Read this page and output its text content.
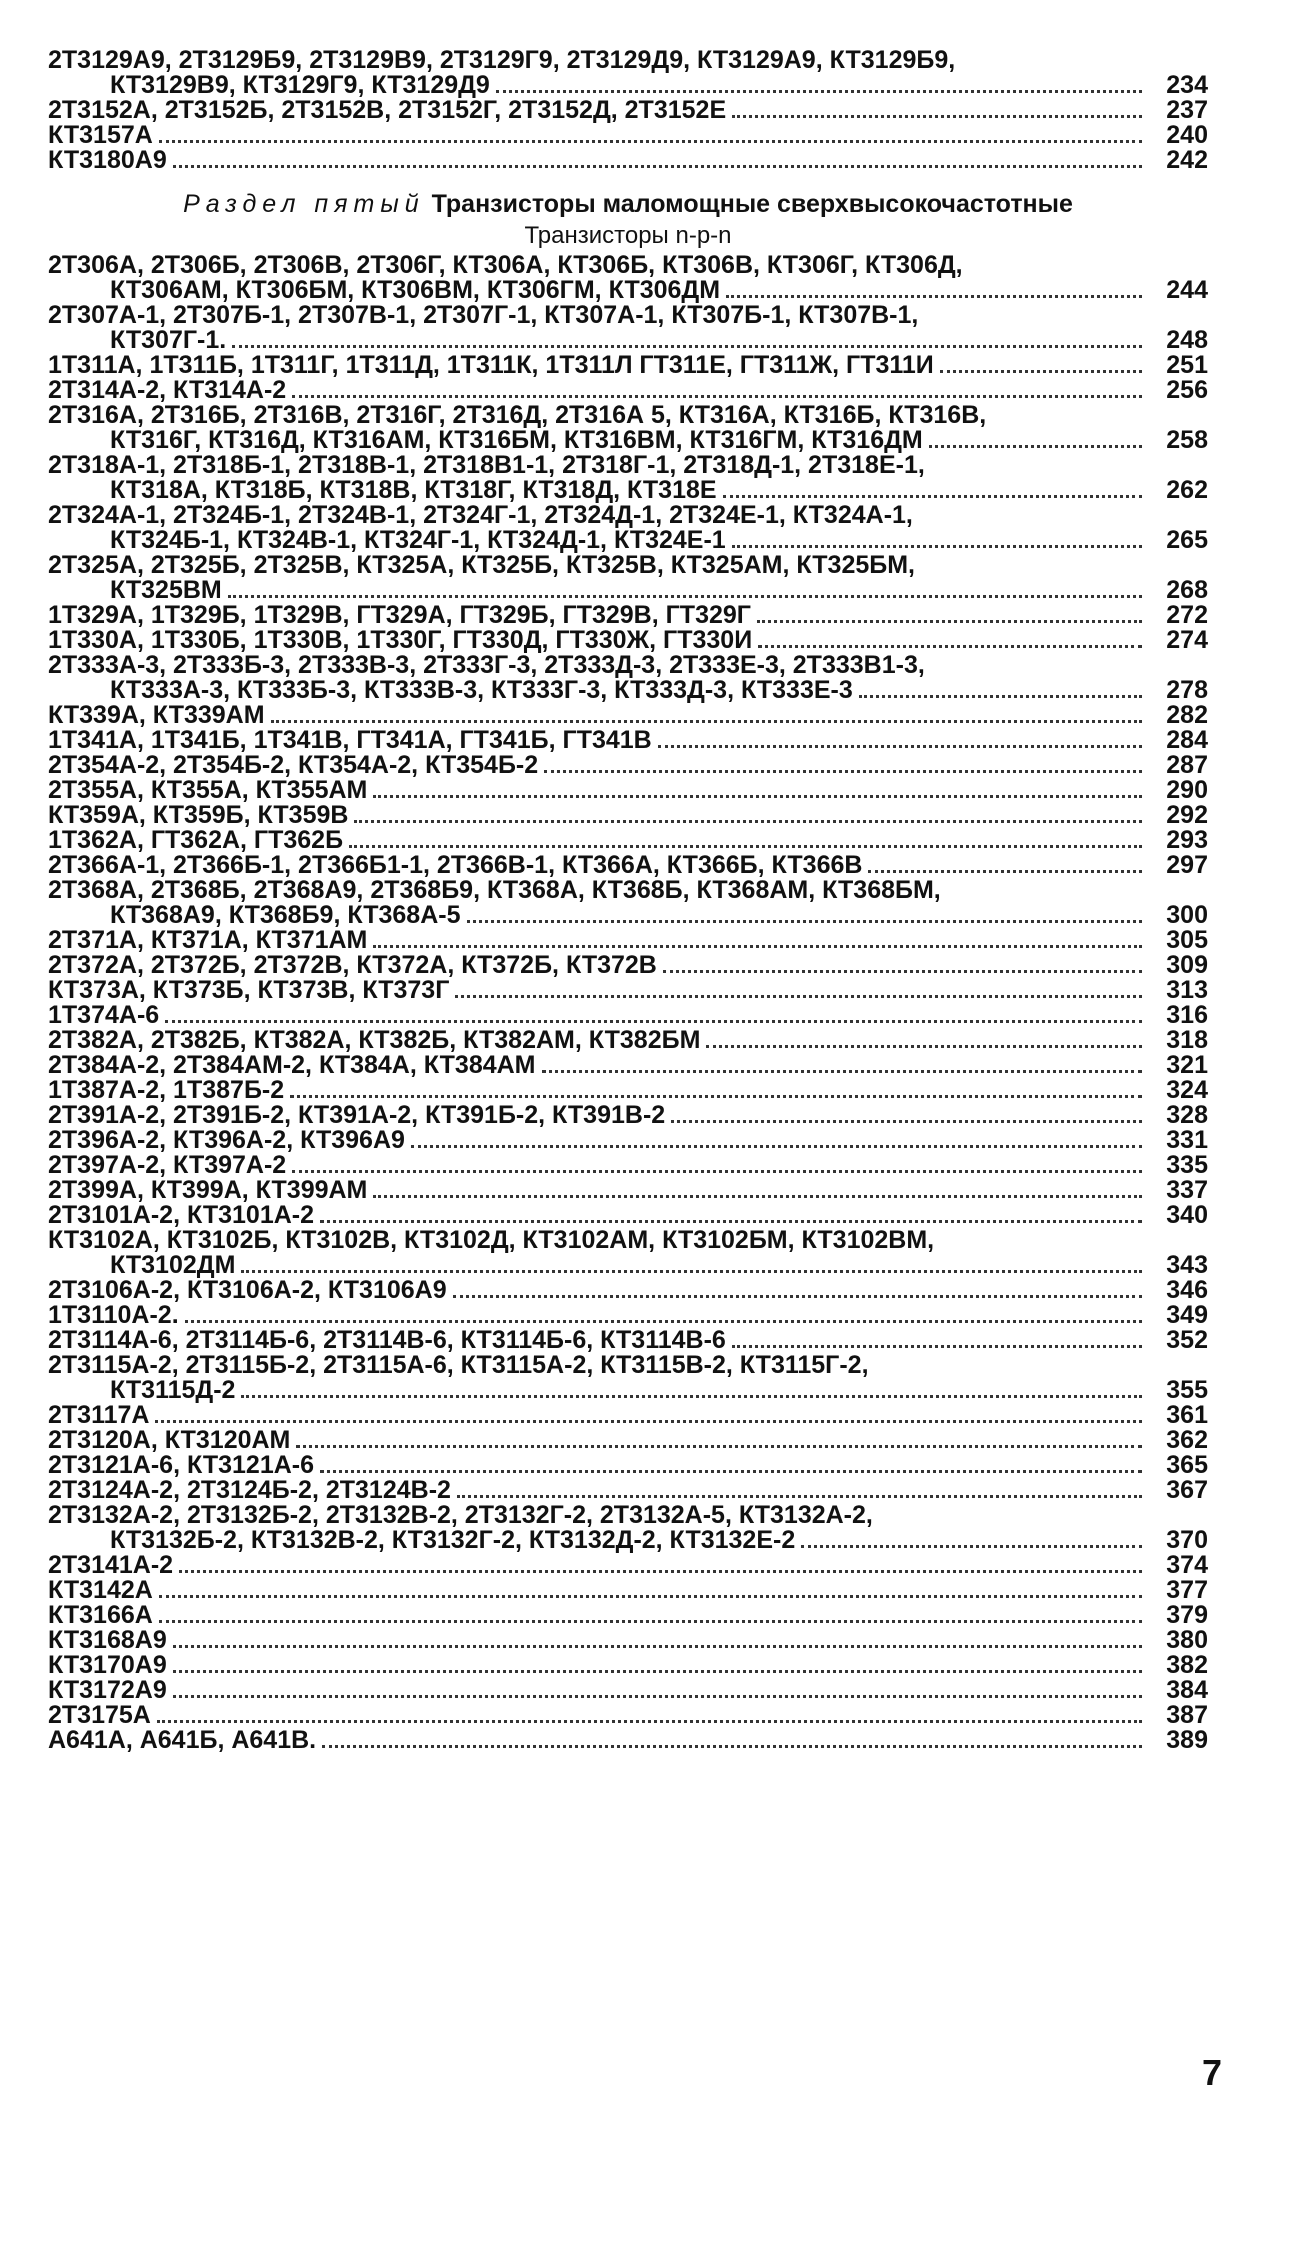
2Т3129А9, 2Т3129Б9, 2Т3129В9, 2Т3129Г9, 2Т3129Д9, КТ3129А9, КТ3129Б9,
КТ3129В9, КТ3129Г9, КТ3129Д9	234
2Т3152А, 2Т3152Б, 2Т3152В, 2Т3152Г, 2Т3152Д, 2Т3152Е	237
КТ3157А	240
КТ3180А9	242
Раздел пятый Транзисторы маломощные сверхвысокочастотные
Транзисторы n-p-n
2Т306А, 2Т306Б, 2Т306В, 2Т306Г, КТ306А, КТ306Б, КТ306В, КТ306Г, КТ306Д,
КТ306АМ, КТ306БМ, КТ306ВМ, КТ306ГМ, КТ306ДМ	244
2Т307А-1, 2Т307Б-1, 2Т307В-1, 2Т307Г-1, КТ307А-1, КТ307Б-1, КТ307В-1,
КТ307Г-1.	248
1Т311А, 1Т311Б, 1Т311Г, 1Т311Д, 1Т311К, 1Т311Л ГТ311Е, ГТ311Ж, ГТ311И	251
2Т314А-2, КТ314А-2	256
2Т316А, 2Т316Б, 2Т316В, 2Т316Г, 2Т316Д, 2Т316А 5, КТ316А, КТ316Б, КТ316В,
КТ316Г, КТ316Д, КТ316АМ, КТ316БМ, КТ316ВМ, КТ316ГМ, КТ316ДМ	258
2Т318А-1, 2Т318Б-1, 2Т318В-1, 2Т318В1-1, 2Т318Г-1, 2Т318Д-1, 2Т318Е-1,
КТ318А, КТ318Б, КТ318В, КТ318Г, КТ318Д, КТ318Е	262
2Т324А-1, 2Т324Б-1, 2Т324В-1, 2Т324Г-1, 2Т324Д-1, 2Т324Е-1, КТ324А-1,
КТ324Б-1, КТ324В-1, КТ324Г-1, КТ324Д-1, КТ324Е-1	265
2Т325А, 2Т325Б, 2Т325В, КТ325А, КТ325Б, КТ325В, КТ325АМ, КТ325БМ,
КТ325ВМ	268
1Т329А, 1Т329Б, 1Т329В, ГТ329А, ГТ329Б, ГТ329В, ГТ329Г	272
1Т330А, 1Т330Б, 1Т330В, 1Т330Г, ГТ330Д, ГТ330Ж, ГТ330И	274
2Т333А-3, 2Т333Б-3, 2Т333В-3, 2Т333Г-3, 2Т333Д-3, 2Т333Е-3, 2Т333В1-3,
КТ333А-3, КТ333Б-3, КТ333В-3, КТ333Г-3, КТ333Д-3, КТ333Е-3	278
КТ339А, КТ339АМ	282
1Т341А, 1Т341Б, 1Т341В, ГТ341А, ГТ341Б, ГТ341В	284
2Т354А-2, 2Т354Б-2, КТ354А-2, КТ354Б-2	287
2Т355А, КТ355А, КТ355АМ	290
КТ359А, КТ359Б, КТ359В	292
1Т362А, ГТ362А, ГТ362Б	293
2Т366А-1, 2Т366Б-1, 2Т366Б1-1, 2Т366В-1, КТ366А, КТ366Б, КТ366В	297
2Т368А, 2Т368Б, 2Т368А9, 2Т368Б9, КТ368А, КТ368Б, КТ368АМ, КТ368БМ,
КТ368А9, КТ368Б9, КТ368А-5	300
2Т371А, КТ371А, КТ371АМ	305
2Т372А, 2Т372Б, 2Т372В, КТ372А, КТ372Б, КТ372В	309
КТ373А, КТ373Б, КТ373В, КТ373Г	313
1Т374А-6	316
2Т382А, 2Т382Б, КТ382А, КТ382Б, КТ382АМ, КТ382БМ	318
2Т384А-2, 2Т384АМ-2, КТ384А, КТ384АМ	321
1Т387А-2, 1Т387Б-2	324
2Т391А-2, 2Т391Б-2, КТ391А-2, КТ391Б-2, КТ391В-2	328
2Т396А-2, КТ396А-2, КТ396А9	331
2Т397А-2, КТ397А-2	335
2Т399А, КТ399А, КТ399АМ	337
2Т3101А-2, КТ3101А-2	340
КТ3102А, КТ3102Б, КТ3102В, КТ3102Д, КТ3102АМ, КТ3102БМ, КТ3102ВМ,
КТ3102ДМ	343
2Т3106А-2, КТ3106А-2, КТ3106А9	346
1Т3110А-2.	349
2Т3114А-6, 2Т3114Б-6, 2Т3114В-6, КТ3114Б-6, КТ3114В-6	352
2Т3115А-2, 2Т3115Б-2, 2Т3115А-6, КТ3115А-2, КТ3115В-2, КТ3115Г-2,
КТ3115Д-2	355
2Т3117А	361
2Т3120А, КТ3120АМ	362
2Т3121А-6, КТ3121А-6	365
2Т3124А-2, 2Т3124Б-2, 2Т3124В-2	367
2Т3132А-2, 2Т3132Б-2, 2Т3132В-2, 2Т3132Г-2, 2Т3132А-5, КТ3132А-2,
КТ3132Б-2, КТ3132В-2, КТ3132Г-2, КТ3132Д-2, КТ3132Е-2	370
2Т3141А-2	374
КТ3142А	377
КТ3166А	379
КТ3168А9	380
КТ3170А9	382
КТ3172А9	384
2Т3175А	387
А641А, А641Б, А641В.	389
7
